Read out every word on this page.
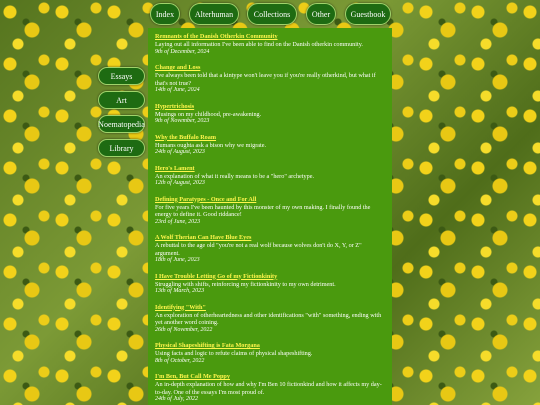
Index	Alterhuman	Collections	Other	Guestbook
Essays
Art
Noematopedia
Library
Remnants of the Danish Otherkin Community
Laying out all information I've been able to find on the Danish otherkin community.
9th of December, 2024
Change and Loss
I've always been told that a kintype won't leave you if you're really otherkind, but what if that's not true?
14th of June, 2024
Hypertrichosis
Musings on my childhood, pre-awakening.
9th of November, 2023
Why the Buffalo Roam
Humans oughta ask a bison why we migrate.
24th of August, 2023
Hero's Lament
An explanation of what it really means to be a "hero" archetype.
12th of August, 2023
Defining Paratypes - Once and For All
For five years I've been haunted by this monster of my own making. I finally found the energy to define it. Good riddance!
23rd of June, 2023
A Wolf Therian Can Have Blue Eyes
A rebuttal to the age old "you're not a real wolf because wolves don't do X, Y, or Z" argument.
18th of June, 2023
I Have Trouble Letting Go of my Fictionkinity
Struggling with shifts, reinforcing my fictionkinity to my own detriment.
13th of March, 2023
Identifying "With"
An exploration of otherheartedness and other identifications "with" something, ending with yet another word coining.
26th of November, 2022
Physical Shapeshifting is Fata Morgana
Using facts and logic to refute claims of physical shapeshifting.
8th of October, 2022
I'm Ben, But Call Me Poppy
An in-depth explanation of how and why I'm Ben 10 fictionkind and how it affects my day-to-day. One of the essays I'm most proud of.
24th of July, 2022
